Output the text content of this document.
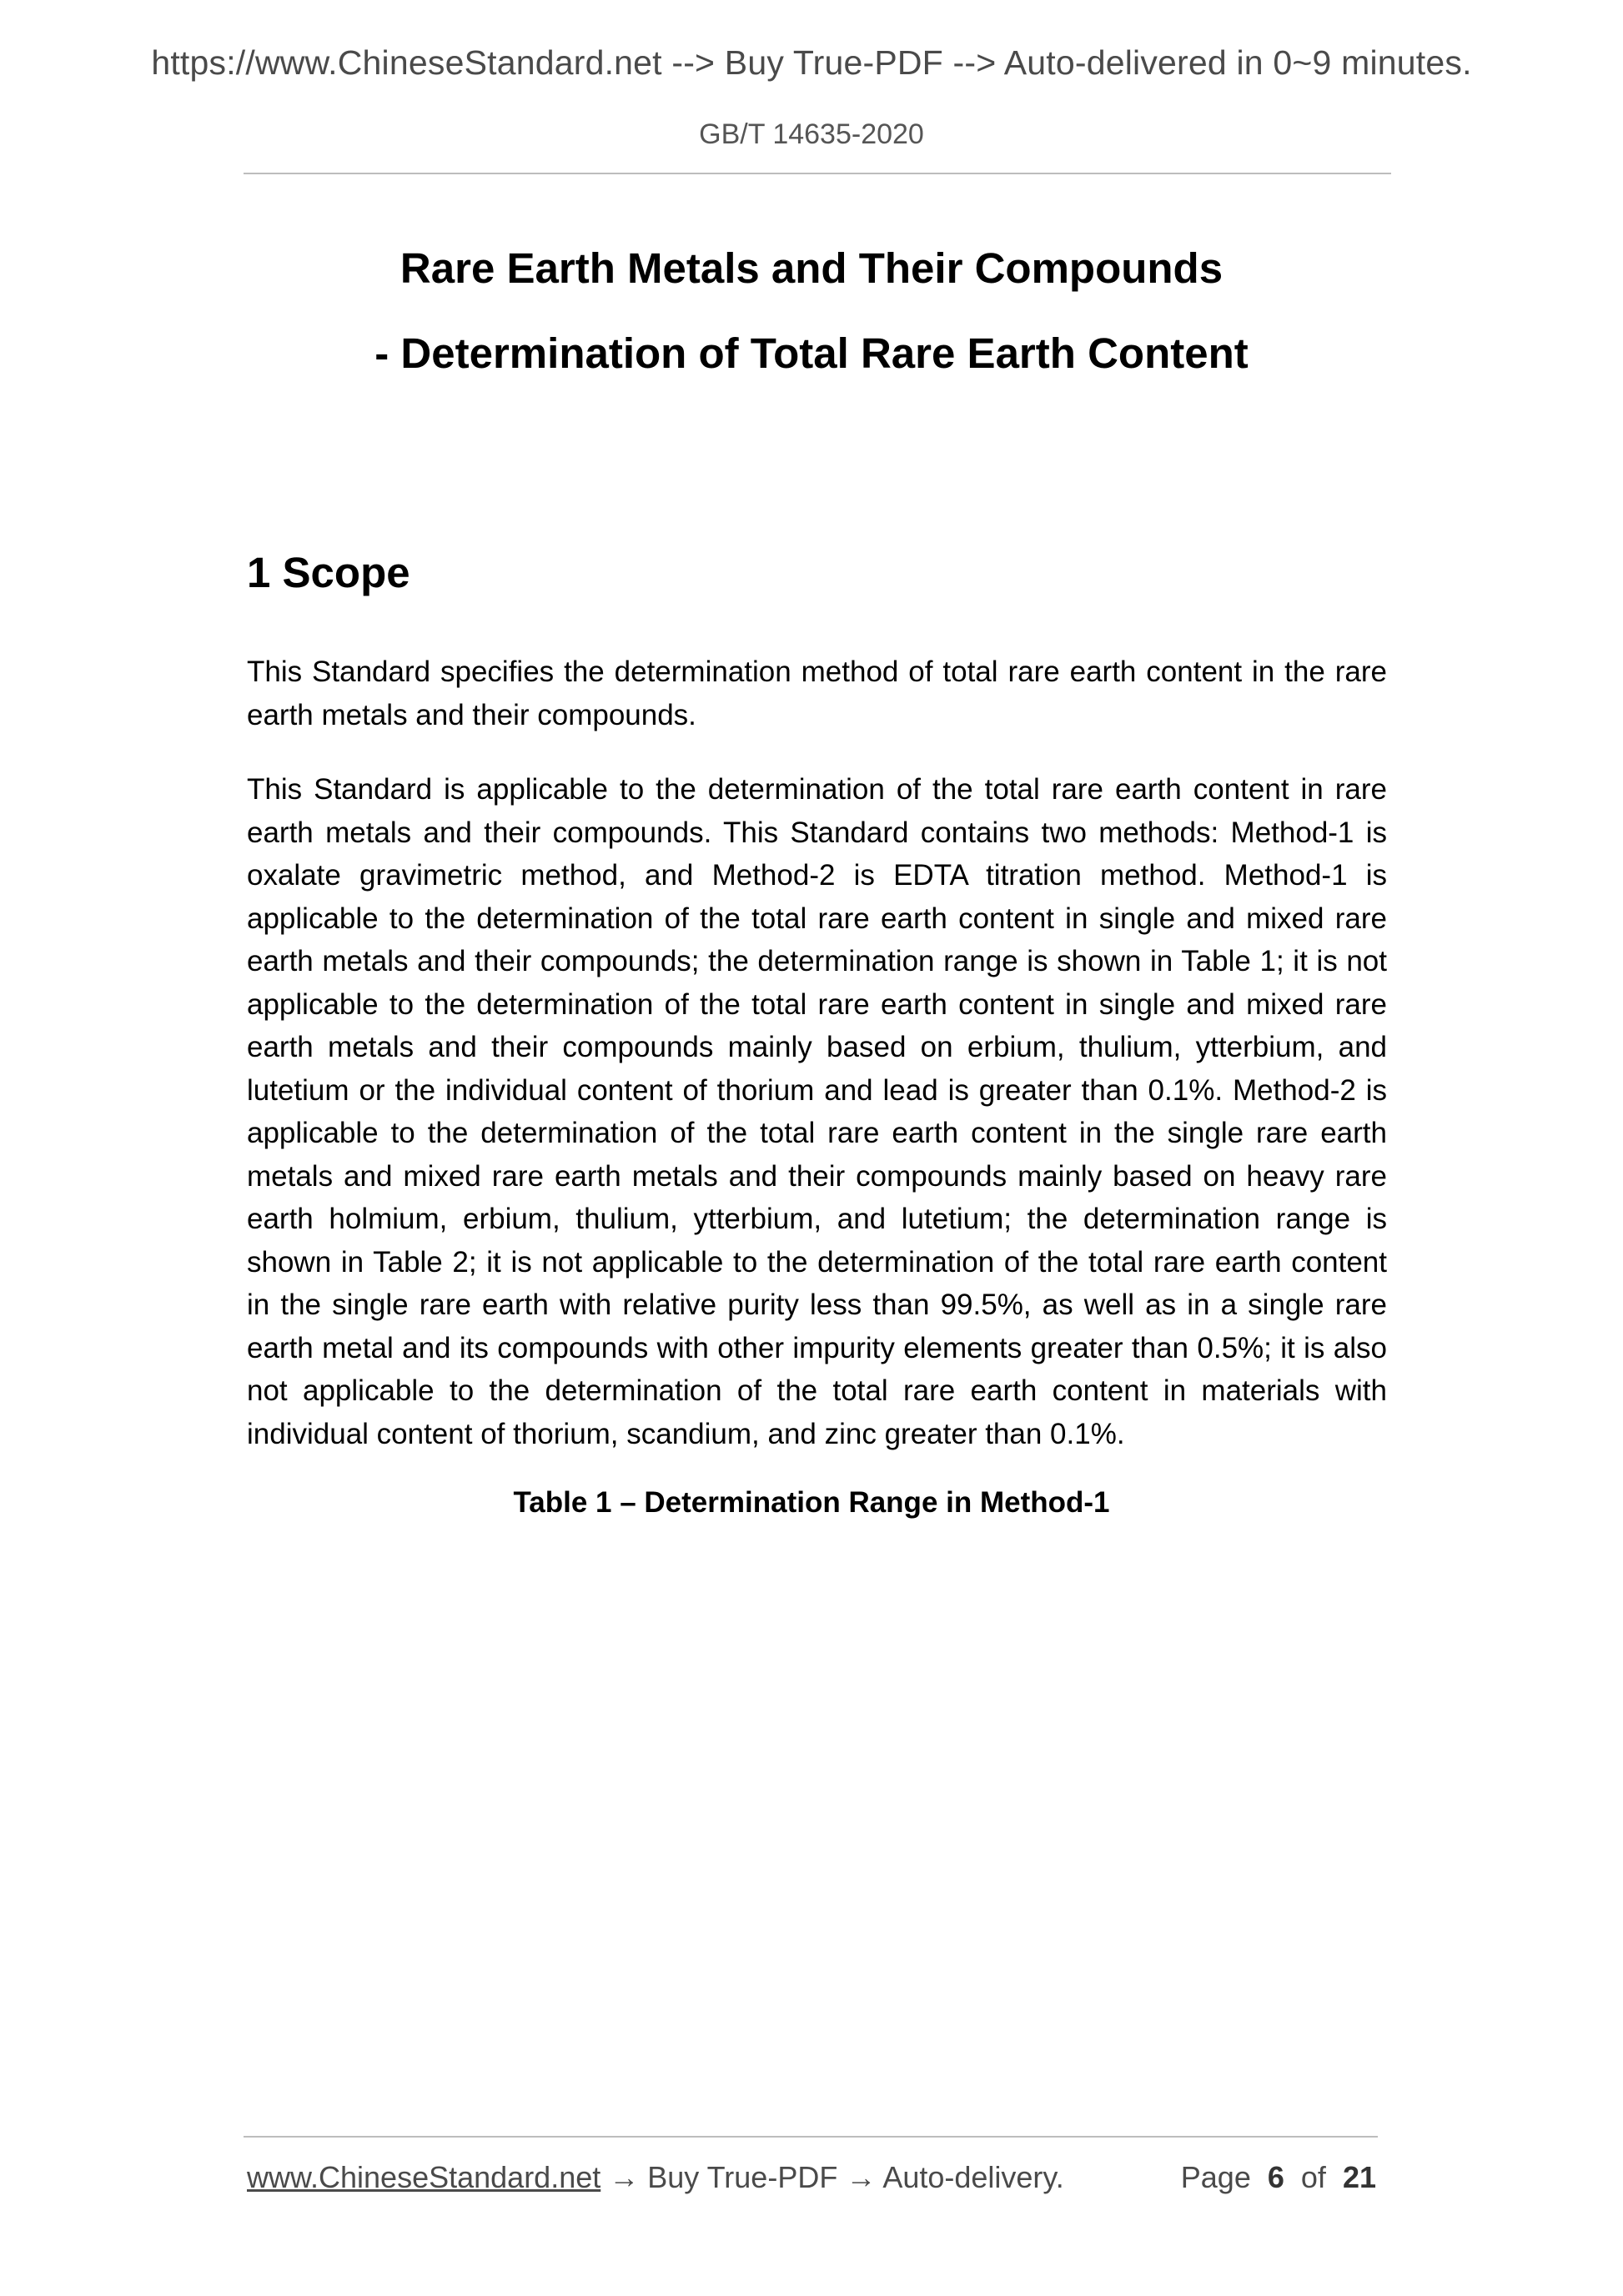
https://www.ChineseStandard.net --> Buy True-PDF --> Auto-delivered in 0~9 minutes.
GB/T 14635-2020
Rare Earth Metals and Their Compounds
- Determination of Total Rare Earth Content
1 Scope

This Standard specifies the determination method of total rare earth content in the rare earth metals and their compounds.

This Standard is applicable to the determination of the total rare earth content in rare earth metals and their compounds. This Standard contains two methods: Method-1 is oxalate gravimetric method, and Method-2 is EDTA titration method. Method-1 is applicable to the determination of the total rare earth content in single and mixed rare earth metals and their compounds; the determination range is shown in Table 1; it is not applicable to the determination of the total rare earth content in single and mixed rare earth metals and their compounds mainly based on erbium, thulium, ytterbium, and lutetium or the individual content of thorium and lead is greater than 0.1%. Method-2 is applicable to the determination of the total rare earth content in the single rare earth metals and mixed rare earth metals and their compounds mainly based on heavy rare earth holmium, erbium, thulium, ytterbium, and lutetium; the determination range is shown in Table 2; it is not applicable to the determination of the total rare earth content in the single rare earth with relative purity less than 99.5%, as well as in a single rare earth metal and its compounds with other impurity elements greater than 0.5%; it is also not applicable to the determination of the total rare earth content in materials with individual content of thorium, scandium, and zinc greater than 0.1%.

Table 1 – Determination Range in Method-1
www.ChineseStandard.net → Buy True-PDF → Auto-delivery.	Page 6 of 21
